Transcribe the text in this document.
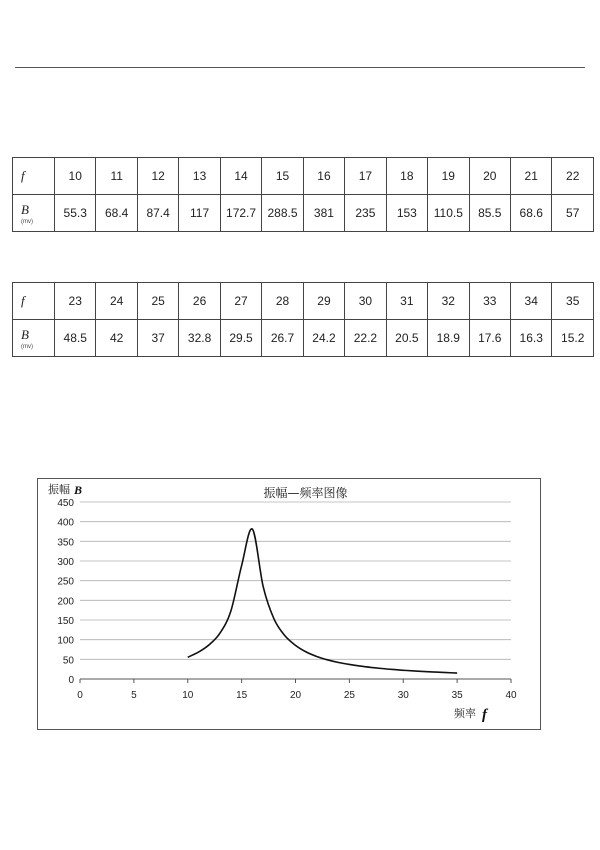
f	10	11	12	13	14	15	16	17	18	19	20	21	22
B
(mv)	55.3	68.4	87.4	117	172.7	288.5	381	235	153	110.5	85.5	68.6	57
f	23	24	25	26	27	28	29	30	31	32	33	34	35
B
(mv)	48.5	42	37	32.8	29.5	26.7	24.2	22.2	20.5	18.9	17.6	16.3	15.2
0
50
100
150
200
250
300
350
400
450
0	5	10	15	20	25	30	35	40
振幅—频率图像
振幅 B
频率 f
